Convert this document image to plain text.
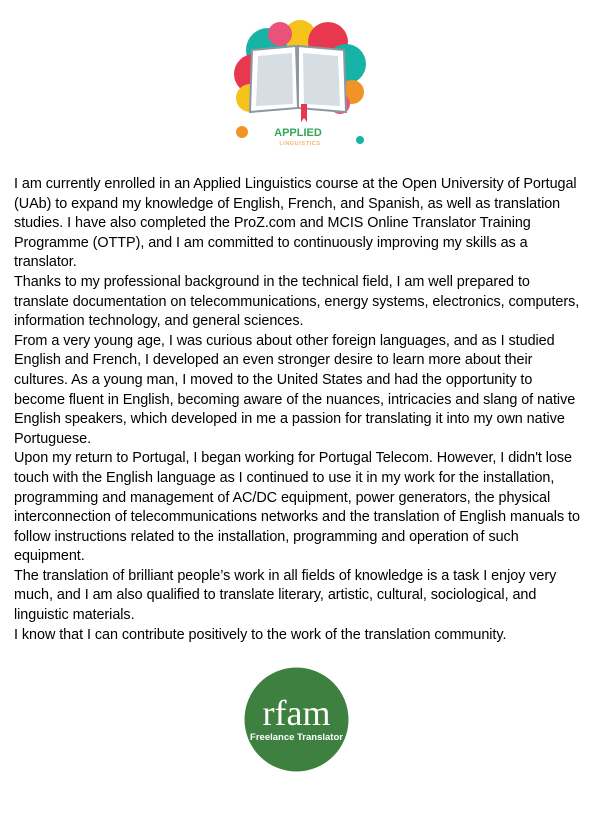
APPLIED
LINGUISTICS

I am currently enrolled in an Applied Linguistics course at the Open University of Portugal (UAb) to expand my knowledge of English, French, and Spanish, as well as translation studies. I have also completed the ProZ.com and MCIS Online Translator Training Programme (OTTP), and I am committed to continuously improving my skills as a translator.

Thanks to my professional background in the technical field, I am well prepared to translate documentation on telecommunications, energy systems, electronics, computers, information technology, and general sciences.

From a very young age, I was curious about other foreign languages, and as I studied English and French, I developed an even stronger desire to learn more about their cultures. As a young man, I moved to the United States and had the opportunity to become fluent in English, becoming aware of the nuances, intricacies and slang of native English speakers, which developed in me a passion for translating it into my own native Portuguese.

Upon my return to Portugal, I began working for Portugal Telecom. However, I didn't lose touch with the English language as I continued to use it in my work for the installation, programming and management of AC/DC equipment, power generators, the physical interconnection of telecommunications networks and the translation of English manuals to follow instructions related to the installation, programming and operation of such equipment.

The translation of brilliant people’s work in all fields of knowledge is a task I enjoy very much, and I am also qualified to translate literary, artistic, cultural, sociological, and linguistic materials.

I know that I can contribute positively to the work of the translation community.

rfam
Freelance Translator
